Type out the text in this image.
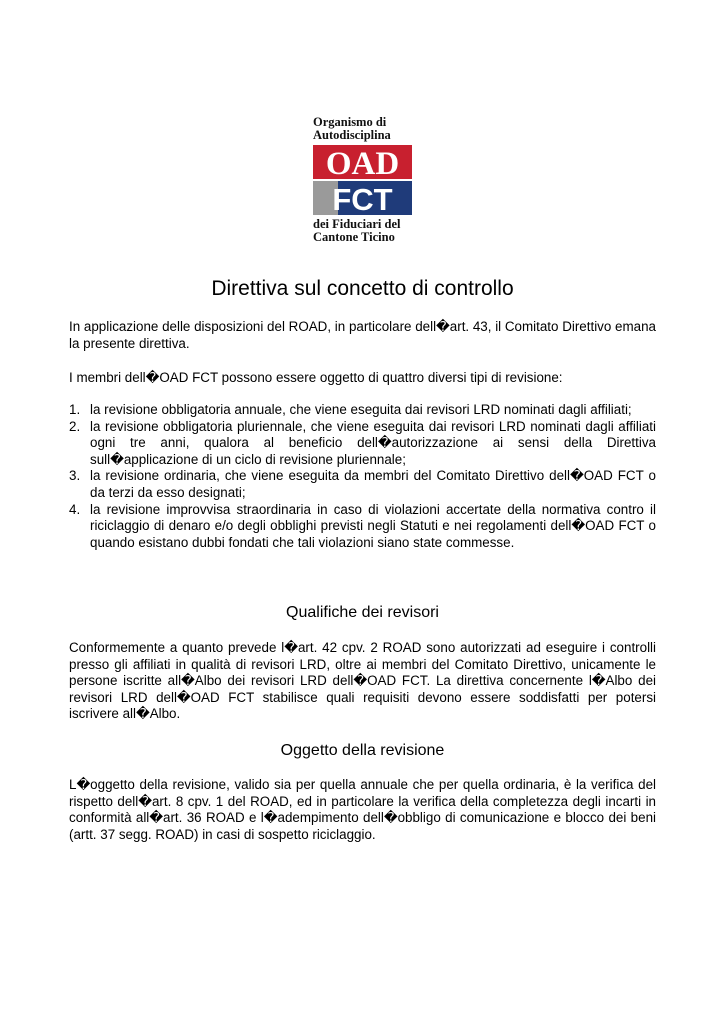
Organismo di
Autodisciplina
OAD
FCT
dei Fiduciari del
Cantone Ticino
Direttiva sul concetto di controllo
In applicazione delle disposizioni del ROAD, in particolare dell�art. 43, il Comitato Direttivo emana la presente direttiva.
I membri dell�OAD FCT possono essere oggetto di quattro diversi tipi di revisione:
1. la revisione obbligatoria annuale, che viene eseguita dai revisori LRD nominati dagli affiliati;
2. la revisione obbligatoria pluriennale, che viene eseguita dai revisori LRD nominati dagli affiliati ogni tre anni, qualora al beneficio dell�autorizzazione ai sensi della Direttiva sull�applicazione di un ciclo di revisione pluriennale;
3. la revisione ordinaria, che viene eseguita da membri del Comitato Direttivo dell�OAD FCT o da terzi da esso designati;
4. la revisione improvvisa straordinaria in caso di violazioni accertate della normativa contro il riciclaggio di denaro e/o degli obblighi previsti negli Statuti e nei regolamenti dell�OAD FCT o quando esistano dubbi fondati che tali violazioni siano state commesse.
Qualifiche dei revisori
Conformemente a quanto prevede l�art. 42 cpv. 2 ROAD sono autorizzati ad eseguire i controlli presso gli affiliati in qualità di revisori LRD, oltre ai membri del Comitato Direttivo, unicamente le persone iscritte all�Albo dei revisori LRD dell�OAD FCT. La direttiva concernente l�Albo dei revisori LRD dell�OAD FCT stabilisce quali requisiti devono essere soddisfatti per potersi iscrivere all�Albo.
Oggetto della revisione
L�oggetto della revisione, valido sia per quella annuale che per quella ordinaria, è la verifica del rispetto dell�art. 8 cpv. 1 del ROAD, ed in particolare la verifica della completezza degli incarti in conformità all�art. 36 ROAD e l�adempimento dell�obbligo di comunicazione e blocco dei beni (artt. 37 segg. ROAD) in casi di sospetto riciclaggio.
